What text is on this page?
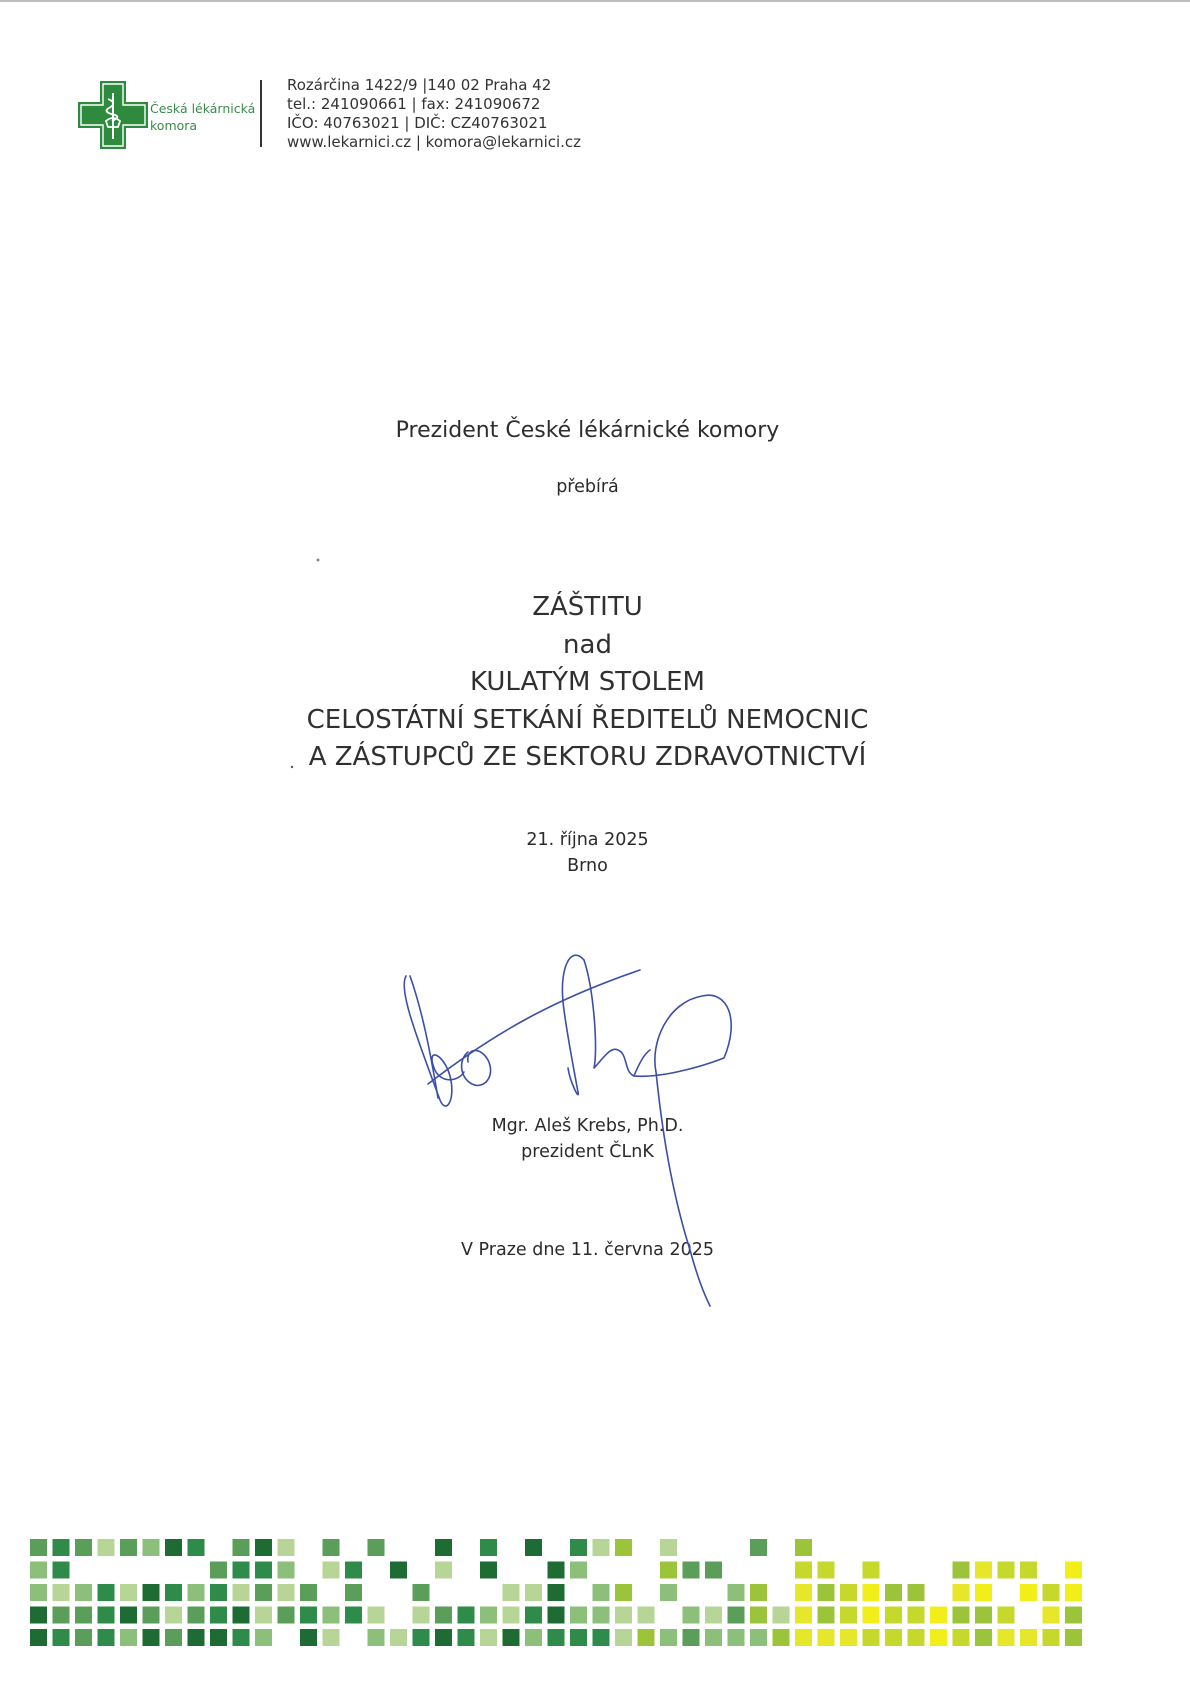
Česká lékárnická
komora
Rozárčina 1422/9 |140 02 Praha 42
tel.: 241090661 | fax: 241090672
IČO: 40763021 | DIČ: CZ40763021
www.lekarnici.cz | komora@lekarnici.cz
Prezident České lékárnické komory
přebírá
ZÁŠTITU
nad
KULATÝM STOLEM
CELOSTÁTNÍ SETKÁNÍ ŘEDITELŮ NEMOCNIC
A ZÁSTUPCŮ ZE SEKTORU ZDRAVOTNICTVÍ
21. října 2025
Brno
Mgr. Aleš Krebs, Ph.D.
prezident ČLnK
V Praze dne 11. června 2025
